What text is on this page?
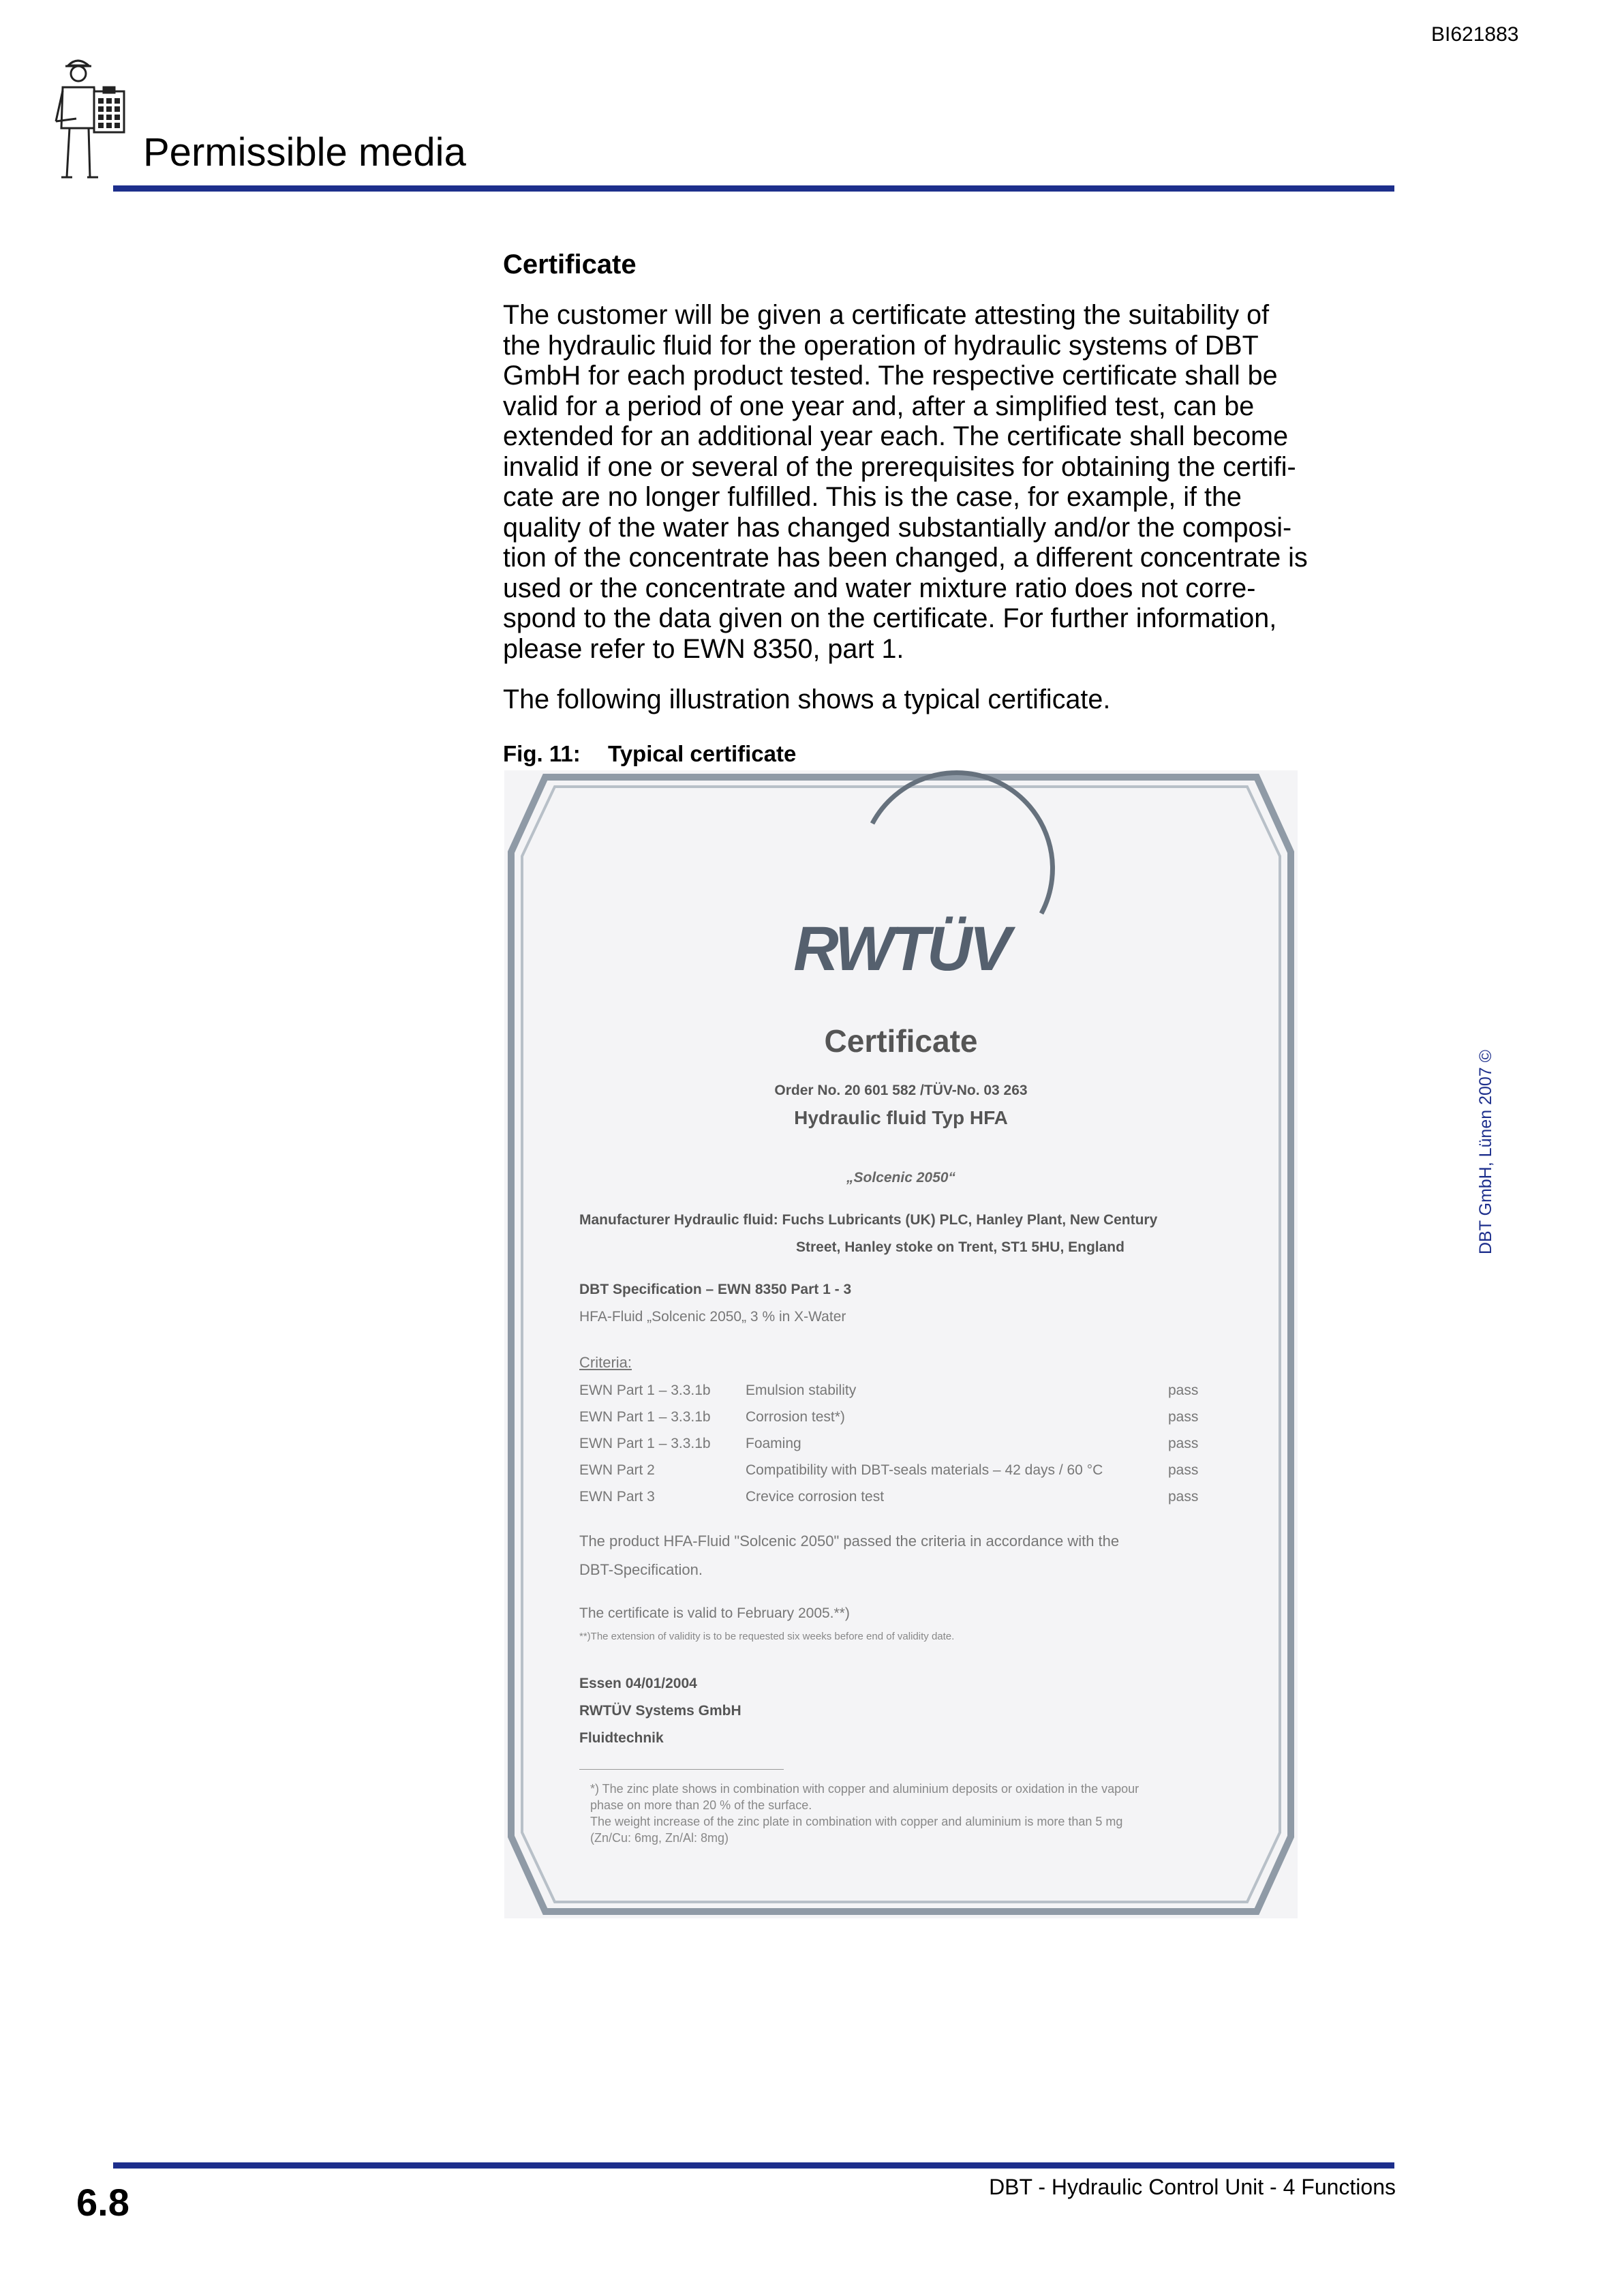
BI621883
Permissible media
Certificate
The customer will be given a certificate attesting the suitability of
the hydraulic fluid for the operation of hydraulic systems of DBT
GmbH for each product tested. The respective certificate shall be
valid for a period of one year and, after a simplified test, can be
extended for an additional year each. The certificate shall become
invalid if one or several of the prerequisites for obtaining the certifi-
cate are no longer fulfilled. This is the case, for example, if the
quality of the water has changed substantially and/or the composi-
tion of the concentrate has been changed, a different concentrate is
used or the concentrate and water mixture ratio does not corre-
spond to the data given on the certificate. For further information,
please refer to EWN 8350, part 1.
The following illustration shows a typical certificate.
Fig. 11: Typical certificate
RWTÜV
Certificate
Order No. 20 601 582 /TÜV-No. 03 263
Hydraulic fluid Typ HFA
„Solcenic 2050“
Manufacturer Hydraulic fluid: Fuchs Lubricants (UK) PLC, Hanley Plant, New Century
Street, Hanley stoke on Trent, ST1 5HU, England
DBT Specification – EWN 8350 Part 1 - 3
HFA-Fluid „Solcenic 2050„ 3 % in X-Water
Criteria:
EWN Part 1 – 3.3.1b Emulsion stability	pass
EWN Part 1 – 3.3.1b Corrosion test*)	pass
EWN Part 1 – 3.3.1b Foaming	pass
EWN Part 2	Compatibility with DBT-seals materials – 42 days / 60 °C	pass
EWN Part 3	Crevice corrosion test	pass
The product HFA-Fluid "Solcenic 2050" passed the criteria in accordance with the
DBT-Specification.
The certificate is valid to February 2005.**)
**)The extension of validity is to be requested six weeks before end of validity date.
Essen 04/01/2004
RWTÜV Systems GmbH
Fluidtechnik
*) The zinc plate shows in combination with copper and aluminium deposits or oxidation in the vapour
phase on more than 20 % of the surface.
The weight increase of the zinc plate in combination with copper and aluminium is more than 5 mg
(Zn/Cu: 6mg, Zn/Al: 8mg)
DBT GmbH, Lünen 2007 ©
6.8	DBT - Hydraulic Control Unit - 4 Functions
